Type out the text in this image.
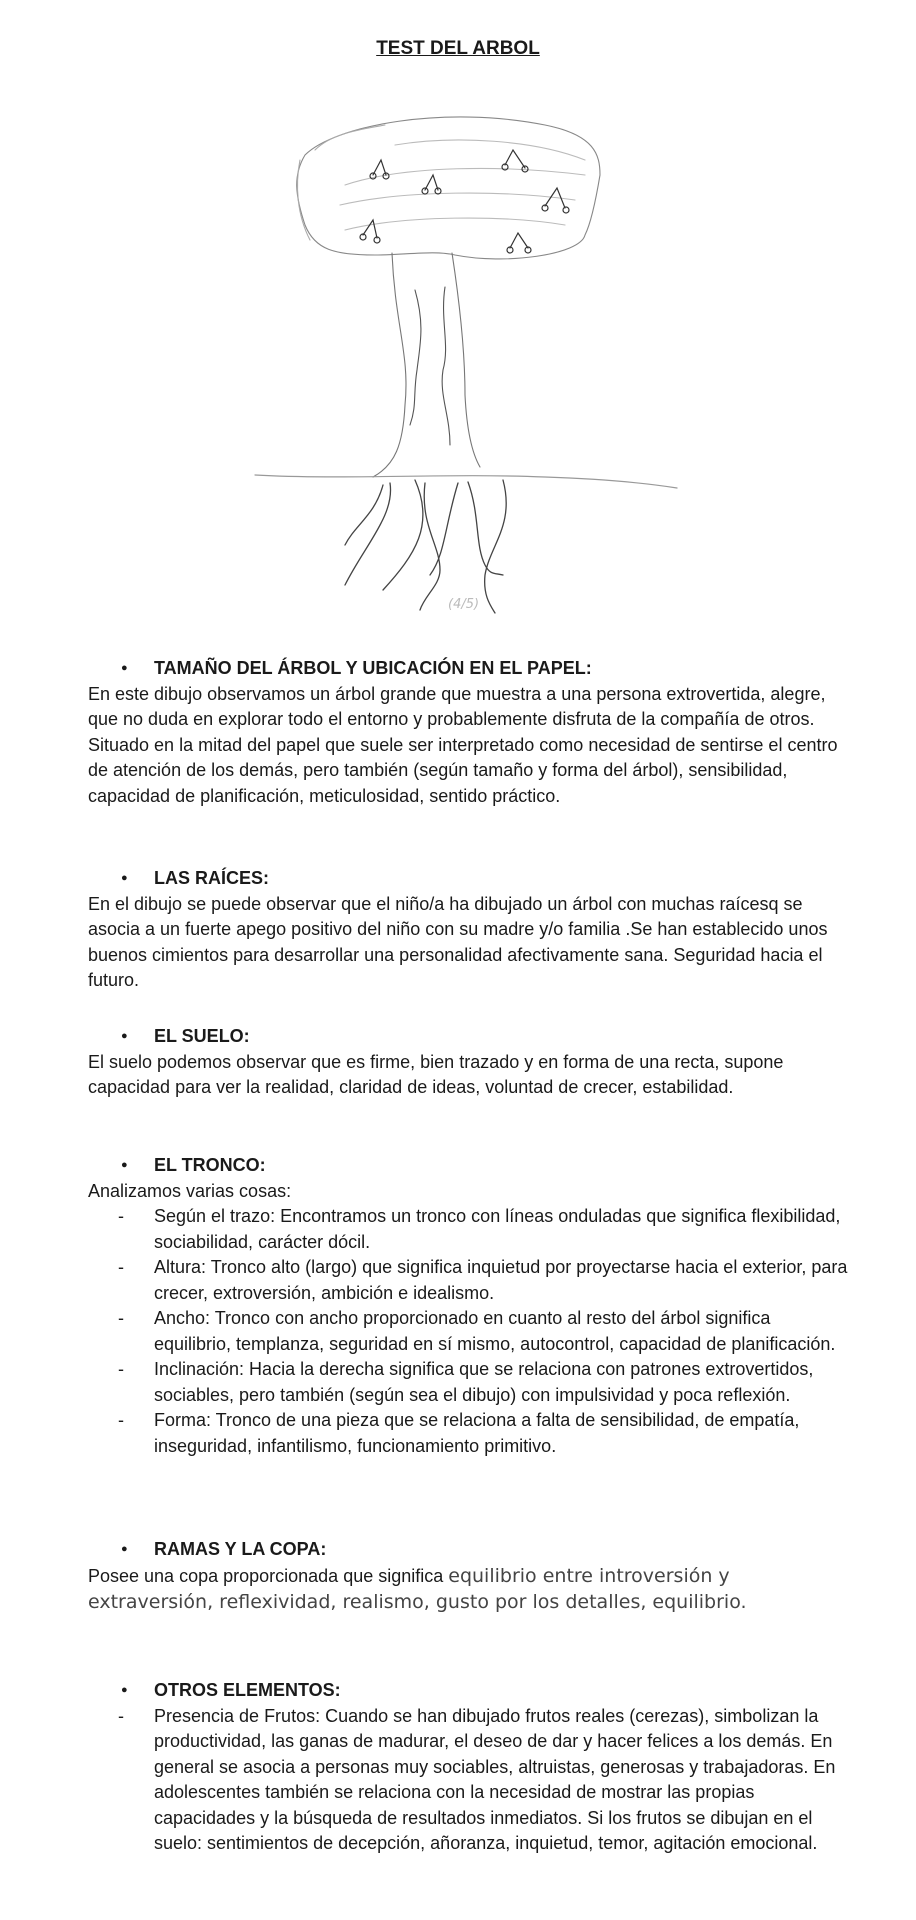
TEST DEL ARBOL
(4/5)
● TAMAÑO DEL ÁRBOL Y UBICACIÓN EN EL PAPEL:

En este dibujo observamos un árbol grande que muestra a una persona extrovertida, alegre, que no duda en explorar todo el entorno y probablemente disfruta de la compañía de otros. Situado en la mitad del papel que suele ser interpretado como necesidad de sentirse el centro de atención de los demás, pero también (según tamaño y forma del árbol), sensibilidad, capacidad de planificación, meticulosidad, sentido práctico.

● LAS RAÍCES:

En el dibujo se puede observar que el niño/a ha dibujado un árbol con muchas raícesq se asocia a un fuerte apego positivo del niño con su madre y/o familia .Se han establecido unos buenos cimientos para desarrollar una personalidad afectivamente sana. Seguridad hacia el futuro.

● EL SUELO:

El suelo podemos observar que es firme, bien trazado y en forma de una recta, supone capacidad para ver la realidad, claridad de ideas, voluntad de crecer, estabilidad.

● EL TRONCO:

Analizamos varias cosas:

- Según el trazo: Encontramos un tronco con líneas onduladas que significa flexibilidad, sociabilidad, carácter dócil.
- Altura: Tronco alto (largo) que significa inquietud por proyectarse hacia el exterior, para crecer, extroversión, ambición e idealismo.
- Ancho: Tronco con ancho proporcionado en cuanto al resto del árbol significa equilibrio, templanza, seguridad en sí mismo, autocontrol, capacidad de planificación.
- Inclinación: Hacia la derecha significa que se relaciona con patrones extrovertidos, sociables, pero también (según sea el dibujo) con impulsividad y poca reflexión.
- Forma: Tronco de una pieza que se relaciona a falta de sensibilidad, de empatía, inseguridad, infantilismo, funcionamiento primitivo.
● RAMAS Y LA COPA:

Posee una copa proporcionada que significa equilibrio entre introversión y extraversión, reflexividad, realismo, gusto por los detalles, equilibrio.

● OTROS ELEMENTOS:
- Presencia de Frutos: Cuando se han dibujado frutos reales (cerezas), simbolizan la productividad, las ganas de madurar, el deseo de dar y hacer felices a los demás. En general se asocia a personas muy sociables, altruistas, generosas y trabajadoras. En adolescentes también se relaciona con la necesidad de mostrar las propias capacidades y la búsqueda de resultados inmediatos. Si los frutos se dibujan en el suelo: sentimientos de decepción, añoranza, inquietud, temor, agitación emocional.
